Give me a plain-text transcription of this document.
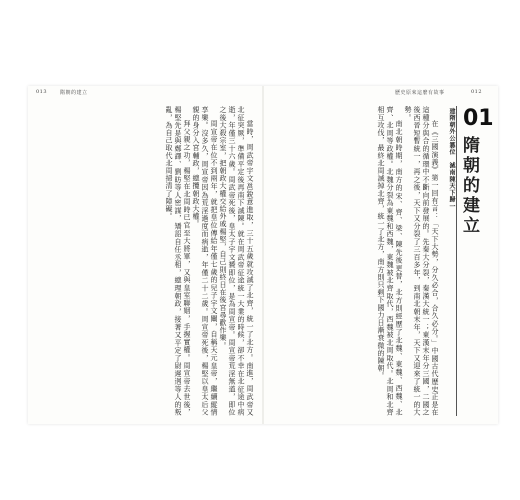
013	隋朝的建立

當時，周武帝宇文邕銳意進取，三十五歲就攻滅了北齊，統一了北方。南進，周武帝又北征突厥，準備平定後再南下滅陳。就在周武帝征途統一大業的時候，卻不幸在北征途中病逝，年僅三十六歲。周武帝死後，皇太子宇文贇即位，是為周宣帝。周宣帝荒淫無道，即位之後大殺宗室，把朝政大權交給外戚楊堅，自己則終日在後宮尋歡作樂。

周宣帝在位不到兩年，就把皇位傳給年僅七歲的兒子宇文闡，自稱天元皇帝，繼續縱情享樂。沒多久，周宣帝因為荒淫過度而病逝，年僅二十二歲。周宣帝死後，楊堅以皇太后父親的身分入宮輔政，總攬朝政大權。

拜父親之功，楊堅在北周時已官至大將軍，又與皇室聯姻，手握實權。周宣帝去世後，楊堅先是與鄭譯、劉昉等人密謀，矯詔自任丞相，總理朝政，接著又平定了尉遲迥等人的叛亂，為自己取代北周掃清了障礙。

歷史原來這麼有故事	012

在《三國演義》第一回有言：「天下大勢，分久必合，合久必分。」中國古代歷史正是在這種分與合的循環中不斷向前發展的。先秦大分裂，秦漢大統一；東漢末年分三國，二國之後西晉短暫統一，再之後，天下又分裂了三百多年，到南北朝末年，天下又迎來了統一的大勢。

南北朝時期，南方的宋、齊、梁、陳先後更替，北方則經歷了北魏、東魏、西魏、北齊、北周等政權。北魏分裂為東魏和西魏，東魏被北齊取代，西魏被北周取代。北周和北齊相互攻伐，最終北周滅掉北齊，統一了北方，南方則只剩下國力日漸衰微的陳朝。	01
隋朝的建立
建隋朝外公篡位　滅南陳天下歸一
